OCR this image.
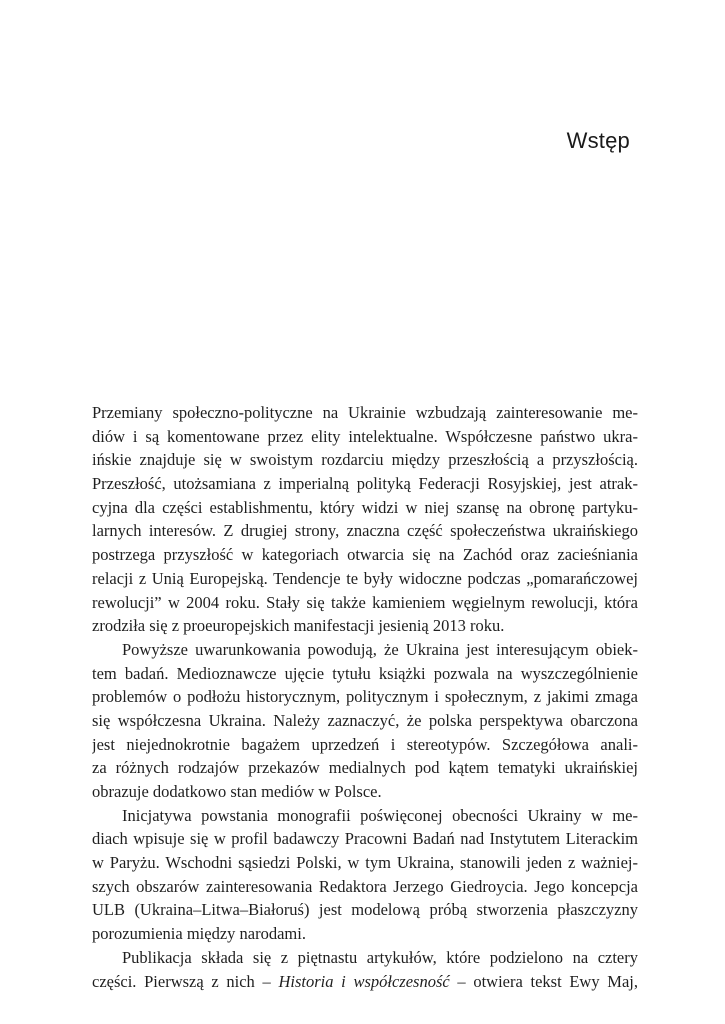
Wstęp
Przemiany społeczno-polityczne na Ukrainie wzbudzają zainteresowanie me-
diów i są komentowane przez elity intelektualne. Współczesne państwo ukra-
ińskie znajduje się w swoistym rozdarciu między przeszłością a przyszłością.
Przeszłość, utożsamiana z imperialną polityką Federacji Rosyjskiej, jest atrak-
cyjna dla części establishmentu, który widzi w niej szansę na obronę partyku-
larnych interesów. Z drugiej strony, znaczna część społeczeństwa ukraińskiego
postrzega przyszłość w kategoriach otwarcia się na Zachód oraz zacieśniania
relacji z Unią Europejską. Tendencje te były widoczne podczas „pomarańczowej
rewolucji” w 2004 roku. Stały się także kamieniem węgielnym rewolucji, która
zrodziła się z proeuropejskich manifestacji jesienią 2013 roku.
Powyższe uwarunkowania powodują, że Ukraina jest interesującym obiek-
tem badań. Medioznawcze ujęcie tytułu książki pozwala na wyszczególnienie
problemów o podłożu historycznym, politycznym i społecznym, z jakimi zmaga
się współczesna Ukraina. Należy zaznaczyć, że polska perspektywa obarczona
jest niejednokrotnie bagażem uprzedzeń i stereotypów. Szczegółowa anali-
za różnych rodzajów przekazów medialnych pod kątem tematyki ukraińskiej
obrazuje dodatkowo stan mediów w Polsce.
Inicjatywa powstania monografii poświęconej obecności Ukrainy w me-
diach wpisuje się w profil badawczy Pracowni Badań nad Instytutem Literackim
w Paryżu. Wschodni sąsiedzi Polski, w tym Ukraina, stanowili jeden z ważniej-
szych obszarów zainteresowania Redaktora Jerzego Giedroycia. Jego koncepcja
ULB (Ukraina–Litwa–Białoruś) jest modelową próbą stworzenia płaszczyzny
porozumienia między narodami.
Publikacja składa się z piętnastu artykułów, które podzielono na cztery
części. Pierwszą z nich – Historia i współczesność – otwiera tekst Ewy Maj,
